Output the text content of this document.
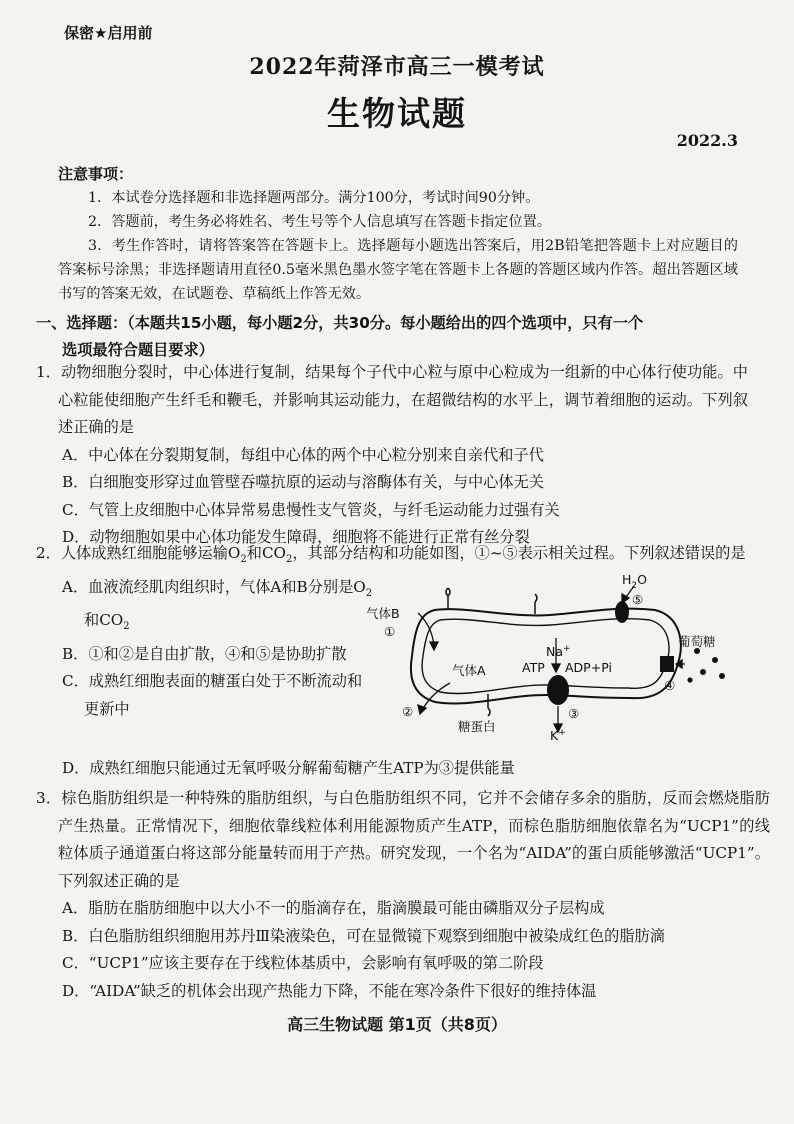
保密★启用前
2022年菏泽市高三一模考试
生物试题
2022.3
注意事项：
1．本试卷分选择题和非选择题两部分。满分100分，考试时间90分钟。
2．答题前，考生务必将姓名、考生号等个人信息填写在答题卡指定位置。
3．考生作答时，请将答案答在答题卡上。选择题每小题选出答案后，用2B铅笔把答题卡上对应题目的答案标号涂黑；非选择题请用直径0.5毫米黑色墨水签字笔在答题卡上各题的答题区域内作答。超出答题区域书写的答案无效，在试题卷、草稿纸上作答无效。
一、选择题：（本题共15小题，每小题2分，共30分。每小题给出的四个选项中，只有一个
选项最符合题目要求）
1．动物细胞分裂时，中心体进行复制，结果每个子代中心粒与原中心粒成为一组新的中心体行使功能。中心粒能使细胞产生纤毛和鞭毛，并影响其运动能力，在超微结构的水平上，调节着细胞的运动。下列叙述正确的是
A．中心体在分裂期复制，每组中心体的两个中心粒分别来自亲代和子代
B．白细胞变形穿过血管壁吞噬抗原的运动与溶酶体有关，与中心体无关
C．气管上皮细胞中心体异常易患慢性支气管炎，与纤毛运动能力过强有关
D．动物细胞如果中心体功能发生障碍，细胞将不能进行正常有丝分裂
2．人体成熟红细胞能够运输$O_2$和$CO_2$，其部分结构和功能如图，①~⑤表示相关过程。下列叙述错误的是
A．血液流经肌肉组织时，气体A和B分别是$O_2$和$CO_2$
B．①和②是自由扩散，④和⑤是协助扩散
C．成熟红细胞表面的糖蛋白处于不断流动和更新中
D．成熟红细胞只能通过无氧呼吸分解葡萄糖产生ATP为③提供能量
气体B
①
气体A
②
糖蛋白
Na+
ATP ADP+Pi
③
K+
$H_2O$
⑤
葡萄糖
④
3．棕色脂肪组织是一种特殊的脂肪组织，与白色脂肪组织不同，它并不会储存多余的脂肪，反而会燃烧脂肪产生热量。正常情况下，细胞依靠线粒体利用能源物质产生ATP，而棕色脂肪细胞依靠名为“UCP1”的线粒体质子通道蛋白将这部分能量转而用于产热。研究发现，一个名为“AIDA”的蛋白质能够激活“UCP1”。下列叙述正确的是
A．脂肪在脂肪细胞中以大小不一的脂滴存在，脂滴膜最可能由磷脂双分子层构成
B．白色脂肪组织细胞用苏丹Ⅲ染液染色，可在显微镜下观察到细胞中被染成红色的脂肪滴
C．“UCP1”应该主要存在于线粒体基质中，会影响有氧呼吸的第二阶段
D．“AIDA”缺乏的机体会出现产热能力下降，不能在寒冷条件下很好的维持体温
高三生物试题 第1页（共8页）
